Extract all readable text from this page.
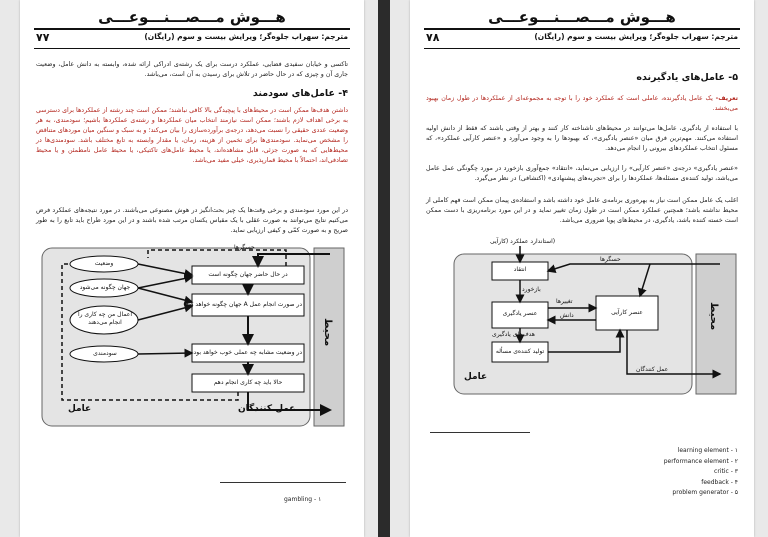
هـــوش مـــصـــنـــوعـــی
مترجم: سهراب جلوه‌گر؛ ویرایش بیست و سوم (رایگان)
۷۷
تاکسی و خیابان سفیدی فضایی، عملکرد درست برای یک رشته‌ی ادراکی ارائه شده، وابسته به دانش عامل، وضعیت جاری آن و چیزی که در حال حاضر در تلاش برای رسیدن به آن است، می‌باشد.
۴- عامل‌های سودمند
داشتن هدف‌ها ممکن است در محیط‌های با پیچیدگی بالا کافی نباشند؛ ممکن است چند رشته از عملکردها برای دسترسی به برخی اهداف لازم باشند؛ ممکن است نیازمند انتخاب میان عملکردها و رشته‌ی عملکردها باشیم؛ سودمندی، به هر وضعیت عددی حقیقی را نسبت می‌دهد، درجه‌ی برآورده‌سازی را بیان می‌کند؛ و به سبک و سنگین میان موردهای متناقض را مشخص می‌نماید. سودمندی‌ها برای تخمین از هزینه، زمان، یا مقدار وابسته به تابع مختلف باشد. سودمندی‌ها در محیط‌هایی که به صورت جزئی، قابل مشاهده‌اند، یا محیط عامل‌های تاکتیکی، یا محیط عامل نامطمئن و یا محیط تصادفی‌اند، احتمالاً با محیط قمارپذیری، خیلی مفید می‌باشد.
در این مورد سودمندی و برخی وقت‌ها یک چیز بحث‌انگیز در هوش مصنوعی می‌باشند. در مورد نتیجه‌های عملکرد فرض می‌کنیم نتایج می‌توانند به صورت عقلی با یک مقیاس یکسان مرتب شده باشند و در این مورد طراح باید تابع را به طور صریح و به صورت کمّی و کیفی ارزیابی نماید.
حسگرها
وضعیت
جهان چگونه می‌شود
اعمال من چه کاری را انجام می‌دهند
سودمندی
در حال حاضر جهان چگونه است
در صورت انجام عمل A جهان چگونه خواهد بود
در وضعیت مشابه چه عملی خوب خواهد بود
حالا باید چه کاری انجام دهم
عمل کنندگان
عامل
محیط
gambling - ۱
هـــوش مـــصـــنـــوعـــی
مترجم: سهراب جلوه‌گر؛ ویرایش بیست و سوم (رایگان)
۷۸
۵- عامل‌های یادگیرنده
تعریف- یک عامل یادگیرنده، عاملی است که عملکرد خود را با توجه به مجموعه‌ای از عملکردها در طول زمان بهبود می‌بخشد.
با استفاده از یادگیری، عامل‌ها می‌توانند در محیط‌های ناشناخته کار کنند و بهتر از وقتی باشند که فقط از دانش اولیه استفاده می‌کنند. مهم‌ترین فرق میان «عنصر یادگیری»، که بهبودها را به وجود می‌آورد و «عنصر کارآیی عملکرد»، که مسئول انتخاب عملکردهای بیرونی را انجام می‌دهد.
«عنصر یادگیری» درجه‌ی «عنصر کارآیی» را ارزیابی می‌نماید، «انتقاد» جمع‌آوری بازخورد در مورد چگونگی عمل عامل می‌باشد، تولید کننده‌ی مسئله‌ها، عملکردها را برای «تجربه‌های پیشنهادی» (اکتشافی) در نظر می‌گیرد.
اغلب یک عامل ممکن است نیاز به بهره‌وری برنامه‌ی عامل خود داشته باشد و استفاده‌ی پیمان ممکن است فهم کاملی از محیط نداشته باشد؛ همچنین عملکرد ممکن است در طول زمان تغییر نماید و در این مورد برنامه‌ریزی با دست ممکن است خسته کننده باشد، یادگیری، در محیط‌های پویا ضروری می‌باشد.
(استاندارد عملکرد (کارآیی
انتقاد
بازخورد
حسگرها
تغییرها
دانش
عنصر یادگیری	عنصر کارآیی
هدف‌های یادگیری
تولید کننده‌ی مسأله
عمل کنندگان
عامل
محیط
learning element - ۱
performance element - ۲
critic - ۳
feedback - ۴
problem generator - ۵
